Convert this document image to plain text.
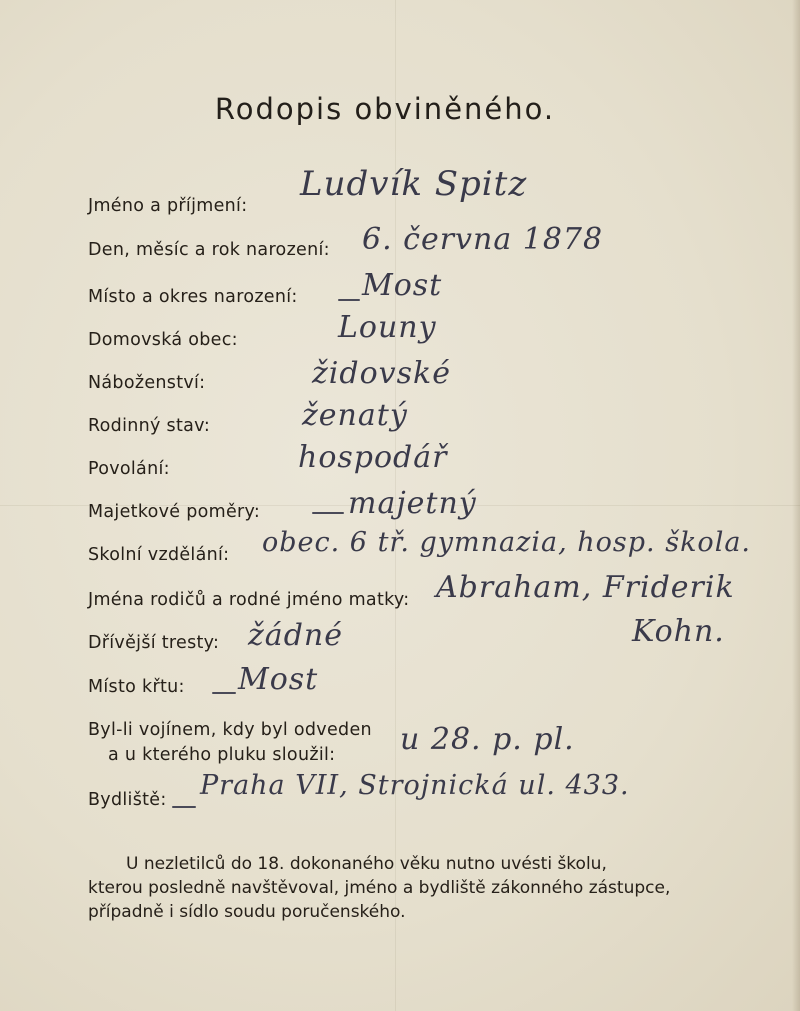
Rodopis obviněného.
Jméno a příjmení:
Ludvík Spitz
Den, měsíc a rok narození: 6. června 1878
Místo a okres narození: Most
Domovská obec:	Louny
Náboženství:	židovské
Rodinný stav:	ženatý
Povolání:	hospodář
Majetkové poměry:	majetný
Skolní vzdělání: obec. 6 tř. gymnazia, hosp. škola.
Jména rodičů a rodné jméno matky: Abraham, Friderik
Kohn.
Dřívější tresty: žádné
Místo křtu: Most
Byl-li vojínem, kdy byl odveden
a u kterého pluku sloužil: u 28. p. pl.
Bydliště: Praha VII, Strojnická ul. 433.
U nezletilců do 18. dokonaného věku nutno uvésti školu,
kterou posledně navštěvoval, jméno a bydliště zákonného zástupce,
případně i sídlo soudu poručenského.
